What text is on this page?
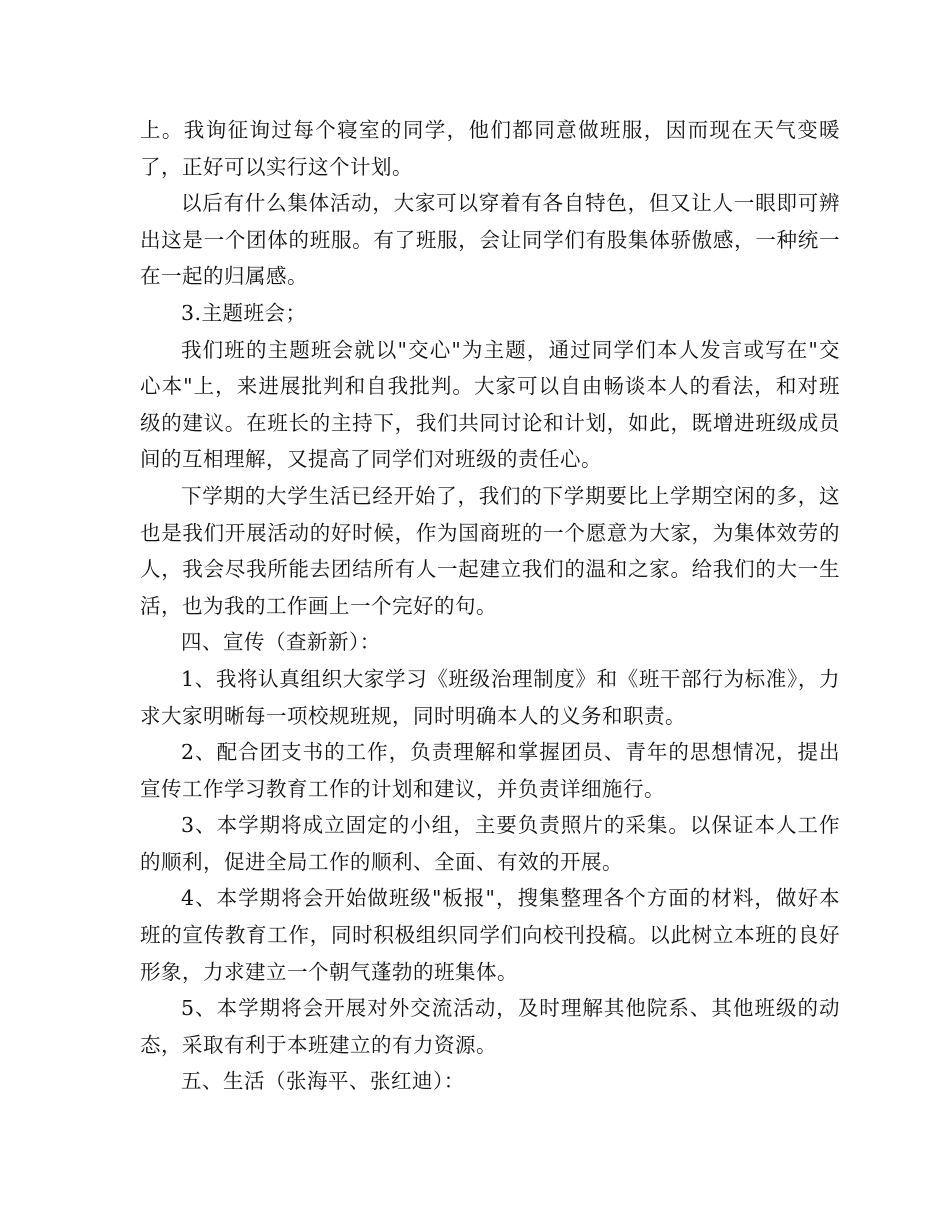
上。我询征询过每个寝室的同学，他们都同意做班服，因而现在天气变暖了，正好可以实行这个计划。

以后有什么集体活动，大家可以穿着有各自特色，但又让人一眼即可辨出这是一个团体的班服。有了班服，会让同学们有股集体骄傲感，一种统一在一起的归属感。

3.主题班会；

我们班的主题班会就以"交心"为主题，通过同学们本人发言或写在"交心本"上，来进展批判和自我批判。大家可以自由畅谈本人的看法，和对班级的建议。在班长的主持下，我们共同讨论和计划，如此，既增进班级成员间的互相理解，又提高了同学们对班级的责任心。

下学期的大学生活已经开始了，我们的下学期要比上学期空闲的多，这也是我们开展活动的好时候，作为国商班的一个愿意为大家，为集体效劳的人，我会尽我所能去团结所有人一起建立我们的温和之家。给我们的大一生活，也为我的工作画上一个完好的句。

四、宣传（查新新）：

1、我将认真组织大家学习《班级治理制度》和《班干部行为标准》，力求大家明晰每一项校规班规，同时明确本人的义务和职责。

2、配合团支书的工作，负责理解和掌握团员、青年的思想情况，提出宣传工作学习教育工作的计划和建议，并负责详细施行。

3、本学期将成立固定的小组，主要负责照片的采集。以保证本人工作的顺利，促进全局工作的顺利、全面、有效的开展。

4、本学期将会开始做班级"板报"，搜集整理各个方面的材料，做好本班的宣传教育工作，同时积极组织同学们向校刊投稿。以此树立本班的良好形象，力求建立一个朝气蓬勃的班集体。

5、本学期将会开展对外交流活动，及时理解其他院系、其他班级的动态，采取有利于本班建立的有力资源。

五、生活（张海平、张红迪）：
